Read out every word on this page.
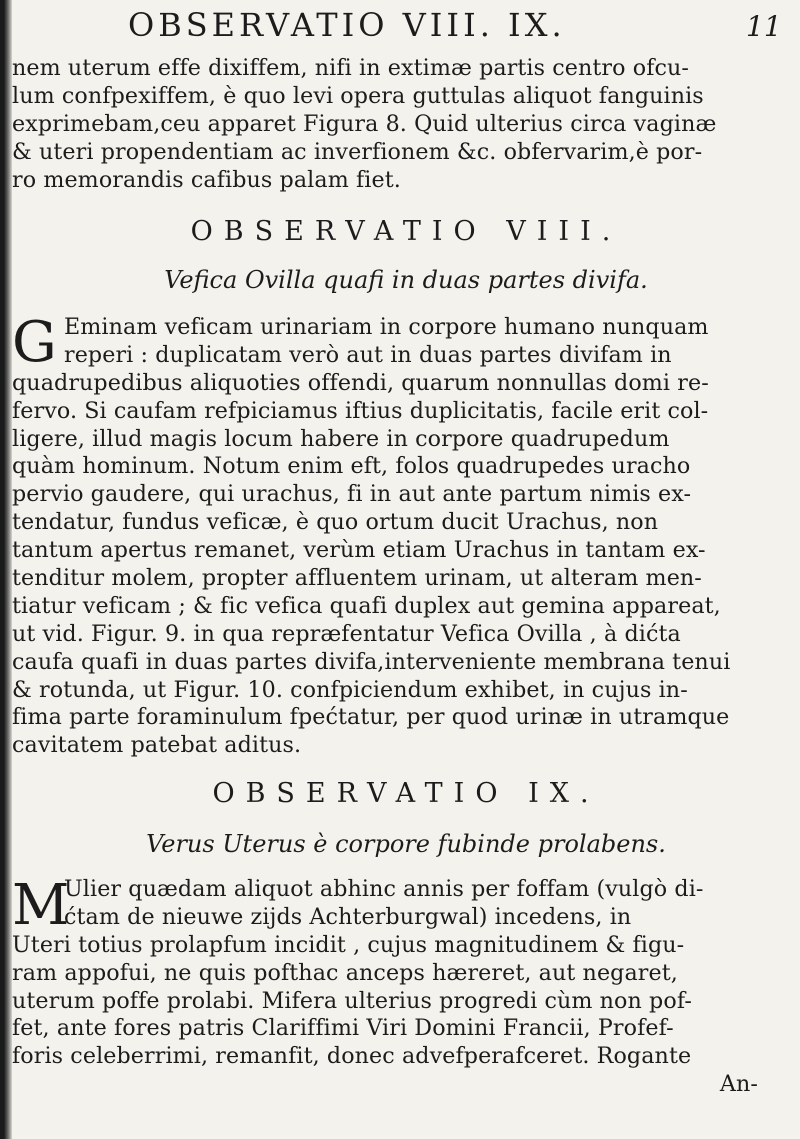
OBSERVATIO VIII. IX.	11
nem uterum effe dixiffem, nifi in extimæ partis centro ofcu-
lum confpexiffem, è quo levi opera guttulas aliquot fanguinis
exprimebam,ceu apparet Figura 8. Quid ulterius circa vaginæ
& uteri propendentiam ac inverfionem &c. obfervarim,è por-
ro memorandis cafibus palam fiet.
OBSERVATIO VIII.
Vefica Ovilla quafi in duas partes divifa.
G Eminam veficam urinariam in corpore humano nunquam
reperi : duplicatam verò aut in duas partes divifam in
quadrupedibus aliquoties offendi, quarum nonnullas domi re-
fervo. Si caufam refpiciamus iftius duplicitatis, facile erit col-
ligere, illud magis locum habere in corpore quadrupedum
quàm hominum. Notum enim eft, folos quadrupedes uracho
pervio gaudere, qui urachus, fi in aut ante partum nimis ex-
tendatur, fundus veficæ, è quo ortum ducit Urachus, non
tantum apertus remanet, verùm etiam Urachus in tantam ex-
tenditur molem, propter affluentem urinam, ut alteram men-
tiatur veficam ; & fic vefica quafi duplex aut gemina appareat,
ut vid. Figur. 9. in qua repræfentatur Vefica Ovilla , à dićta
caufa quafi in duas partes divifa,interveniente membrana tenui
& rotunda, ut Figur. 10. confpiciendum exhibet, in cujus in-
fima parte foraminulum fpećtatur, per quod urinæ in utramque
cavitatem patebat aditus.
OBSERVATIO IX.
Verus Uterus è corpore fubinde prolabens.
M
Ulier quædam aliquot abhinc annis per foffam (vulgò di-
ćtam de nieuwe zijds Achterburgwal) incedens, in
Uteri totius prolapfum incidit , cujus magnitudinem & figu-
ram appofui, ne quis pofthac anceps hæreret, aut negaret,
uterum poffe prolabi. Mifera ulterius progredi cùm non pof-
fet, ante fores patris Clariffimi Viri Domini Francii, Profef-
foris celeberrimi, remanfit, donec advefperafceret. Rogante
An-
